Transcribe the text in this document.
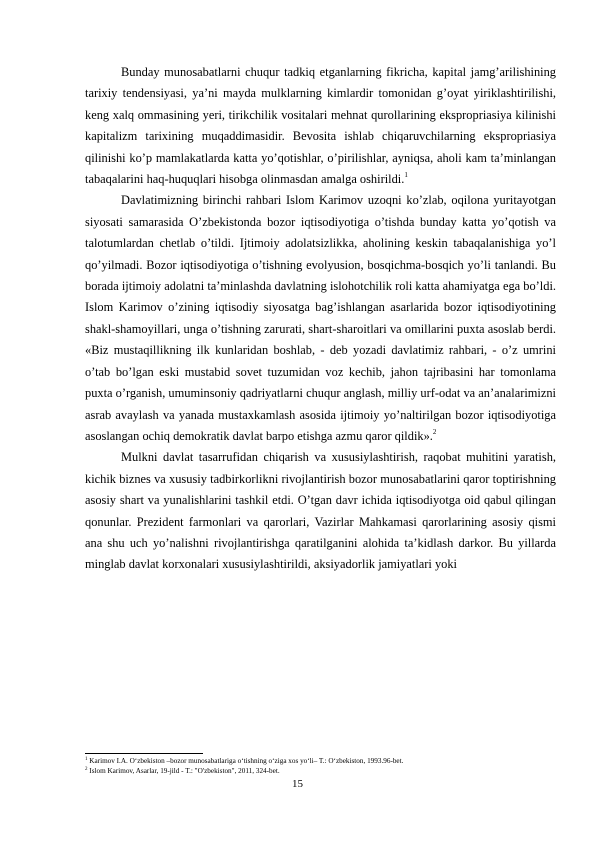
Bunday munosabatlarni chuqur tadkiq etganlarning fikricha, kapital jamg’arilishining tarixiy tendensiyasi, ya’ni mayda mulklarning kimlardir tomonidan g’oyat yiriklashtirilishi, keng xalq ommasining yeri, tirikchilik vositalari mehnat qurollarining ekspropriasiya kilinishi kapitalizm tarixining muqaddimasidir. Bevosita ishlab chiqaruvchilarning ekspropriasiya qilinishi ko’p mamlakatlarda katta yo’qotishlar, o’pirilishlar, ayniqsa, aholi kam ta’minlangan tabaqalarini haq-huquqlari hisobga olinmasdan amalga oshirildi.$^1$

Davlatimizning birinchi rahbari Islom Karimov uzoqni ko’zlab, oqilona yuritayotgan siyosati samarasida O’zbekistonda bozor iqtisodiyotiga o’tishda bunday katta yo’qotish va talotumlardan chetlab o’tildi. Ijtimoiy adolatsizlikka, aholining keskin tabaqalanishiga yo’l qo’yilmadi. Bozor iqtisodiyotiga o’tishning evolyusion, bosqichma-bosqich yo’li tanlandi. Bu borada ijtimoiy adolatni ta’minlashda davlatning islohotchilik roli katta ahamiyatga ega bo’ldi. Islom Karimov o’zining iqtisodiy siyosatga bag’ishlangan asarlarida bozor iqtisodiyotining shakl-shamoyillari, unga o’tishning zarurati, shart-sharoitlari va omillarini puxta asoslab berdi. «Biz mustaqillikning ilk kunlaridan boshlab, - deb yozadi davlatimiz rahbari, - o’z umrini o’tab bo’lgan eski mustabid sovet tuzumidan voz kechib, jahon tajribasini har tomonlama puxta o’rganish, umuminsoniy qadriyatlarni chuqur anglash, milliy urf-odat va an’analarimizni asrab avaylash va yanada mustaxkamlash asosida ijtimoiy yo’naltirilgan bozor iqtisodiyotiga asoslangan ochiq demokratik davlat barpo etishga azmu qaror qildik».$^2$

Mulkni davlat tasarrufidan chiqarish va xususiylashtirish, raqobat muhitini yaratish, kichik biznes va xususiy tadbirkorlikni rivojlantirish bozor munosabatlarini qaror toptirishning asosiy shart va yunalishlarini tashkil etdi. O’tgan davr ichida iqtisodiyotga oid qabul qilingan qonunlar. Prezident farmonlari va qarorlari, Vazirlar Mahkamasi qarorlarining asosiy qismi ana shu uch yo’nalishni rivojlantirishga qaratilganini alohida ta’kidlash darkor. Bu yillarda minglab davlat korxonalari xususiylashtirildi, aksiyadorlik jamiyatlari yoki

$^1$ Karimov I.A. O‘zbekiston –bozor munosabatlariga o‘tishning o‘ziga xos yo‘li– T.: O‘zbekiston, 1993.96-bet.
$^2$ Islom Karimov, Asarlar, 19-jild - T.: "O'zbekiston", 2011, 324-bet.
15
